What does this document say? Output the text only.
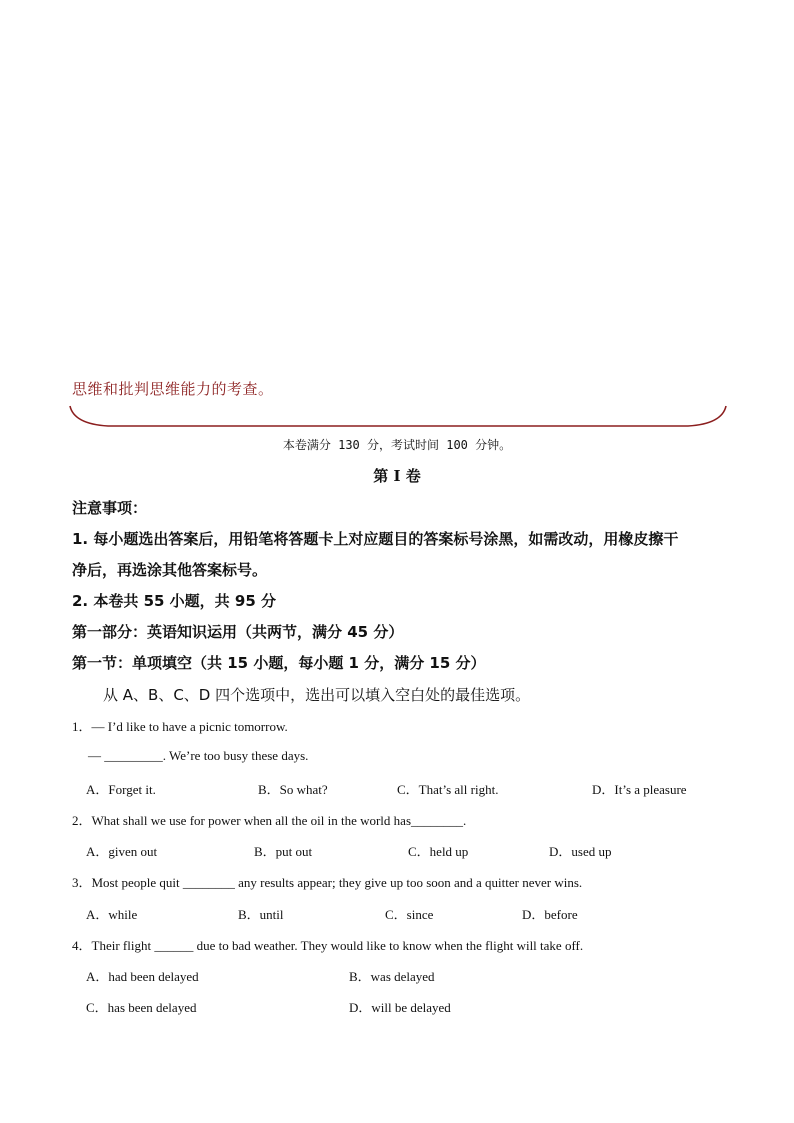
思维和批判思维能力的考查。
本卷满分 130 分，考试时间 100 分钟。
第 I 卷
注意事项：
1. 每小题选出答案后，用铅笔将答题卡上对应题目的答案标号涂黑，如需改动，用橡皮擦干
净后，再选涂其他答案标号。
2. 本卷共 55 小题，共 95 分
第一部分：英语知识运用（共两节，满分 45 分）
第一节：单项填空（共 15 小题，每小题 1 分，满分 15 分）
从 A、B、C、D 四个选项中，选出可以填入空白处的最佳选项。
1．— I’d like to have a picnic tomorrow.
— _________. We’re too busy these days.
A．Forget it.	B．So what?	C．That’s all right.	D．It’s a pleasure
2．What shall we use for power when all the oil in the world has________.
A．given out	B．put out	C．held up	D．used up
3．Most people quit ________ any results appear; they give up too soon and a quitter never wins.
A．while	B．until	C．since	D．before
4．Their flight ______ due to bad weather. They would like to know when the flight will take off.
A．had been delayed	B．was delayed
C．has been delayed	D．will be delayed
